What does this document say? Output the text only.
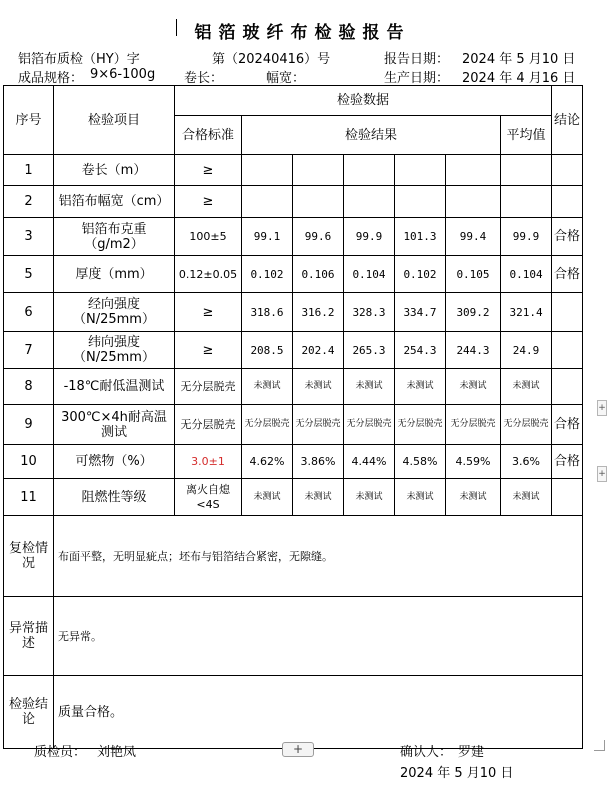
铝箔玻纤布检验报告
铝箔布质检（HY）字	第（20240416）号	报告日期： 2024 年 5 月10 日
成品规格： 9×6-100g 卷长：	幅宽：	生产日期： 2024 年 4 月16 日
序号	检验项目	检验数据							结论
		合格标准	检验结果					平均值	
1	卷长（m）	≥							
2	铝箔布幅宽（cm）	≥							
3	铝箔布克重（g/m2）	100±5	99.1	99.6	99.9	101.3	99.4	99.9	合格
5	厚度（mm）	0.12±0.05	0.102	0.106	0.104	0.102	0.105	0.104	合格
6	经向强度（N/25mm）	≥	318.6	316.2	328.3	334.7	309.2	321.4	
7	纬向强度（N/25mm）	≥	208.5	202.4	265.3	254.3	244.3	24.9	
8	-18℃耐低温测试	无分层脱壳	未测试	未测试	未测试	未测试	未测试	未测试	
9	300℃×4h耐高温测试	无分层脱壳	无分层脱壳	无分层脱壳	无分层脱壳	无分层脱壳	无分层脱壳	无分层脱壳	合格
10	可燃物（%）	3.0±1	4.62%	3.86%	4.44%	4.58%	4.59%	3.6%	合格
11	阻燃性等级	离火自熄<4S	未测试	未测试	未测试	未测试	未测试	未测试	
复检情况	布面平整，无明显疵点；坯布与铝箔结合紧密，无隙缝。								
异常描述	无异常。								
检验结论	质量合格。								
质检员： 刘艳凤	+	确认人： 罗建
2024 年 5 月10 日
+
+
